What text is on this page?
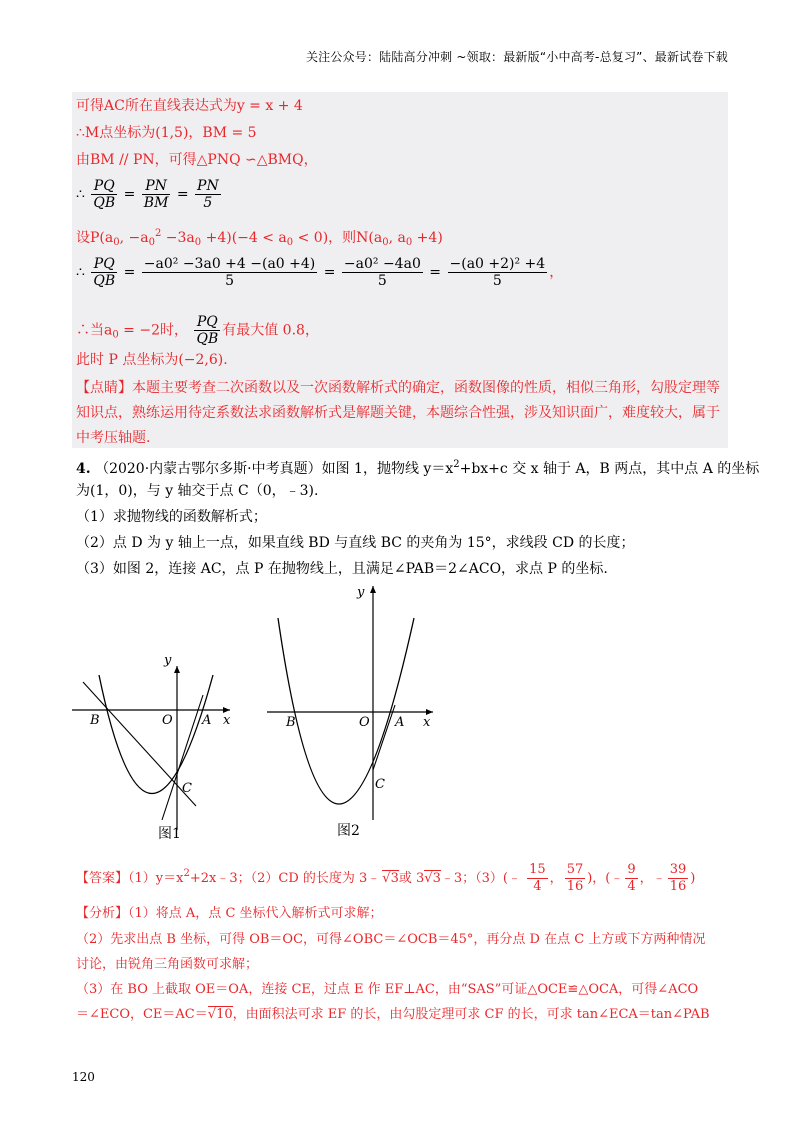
关注公众号：陆陆高分冲刺 ~领取：最新版“小中高考-总复习”、最新试卷下载
可得AC所在直线表达式为y = x + 4
∴M点坐标为(1,5)，BM = 5
由BM // PN，可得△PNQ ∽△BMQ，
∴ $\frac{PQ}{QB} = \frac{PN}{BM} = \frac{PN}{5}$
设$P(a_0$, $-a_0^2 -3a_0 +4)(-4 < a_0 < 0)$，则$N(a_0$, $a_0 +4$)
∴ $\frac{PQ}{QB} = \frac{\text{−a0² −3a0 +4 −(a0 +4)}}{5} = \frac{\text{−a0² −4a0}}{5} = \frac{\text{−(a0 +2)² +4}}{5}$ ，
∴当$a_0 = -2$时， $\frac{PQ}{QB}$ 有最大值 0.8，
此时 P 点坐标为(−2,6).
【点睛】本题主要考查二次函数以及一次函数解析式的确定，函数图像的性质，相似三角形，勾股定理等
知识点，熟练运用待定系数法求函数解析式是解题关键，本题综合性强，涉及知识面广，难度较大，属于
中考压轴题.
4. （2020·内蒙古鄂尔多斯·中考真题）如图 1，抛物线 $y=x^2+bx+c$ 交 x 轴于 A，B 两点，其中点 A 的坐标
为(1，0)，与 y 轴交于点 C（0，﹣3).
（1）求抛物线的函数解析式；
（2）点 D 为 y 轴上一点，如果直线 BD 与直线 BC 的夹角为 15°，求线段 CD 的长度；
（3）如图 2，连接 AC，点 P 在抛物线上，且满足∠PAB＝2∠ACO，求点 P 的坐标.
y
x
B	O A
C
图1
y
x
B	O A
C
图2
【答案】$(1)y=x^2+2x﹣3$；（2）CD 的长度为 3﹣ √3或 3√3﹣3；（3）(﹣ $\frac{15}{4}$ ， $\frac{57}{16}$ )，(﹣ $\frac{9}{4}$ ，﹣ $\frac{39}{16}$ )
【分析】（1）将点 A，点 C 坐标代入解析式可求解；
（2）先求出点 B 坐标，可得 OB＝OC，可得∠OBC＝∠OCB＝45°，再分点 D 在点 C 上方或下方两种情况
讨论，由锐角三角函数可求解；
（3）在 BO 上截取 OE＝OA，连接 CE，过点 E 作 EF⊥AC，由“SAS”可证△OCE≌△OCA，可得∠ACO
＝∠ECO，CE＝AC＝√10，由面积法可求 EF 的长，由勾股定理可求 CF 的长，可求 tan∠ECA＝tan∠PAB
120
